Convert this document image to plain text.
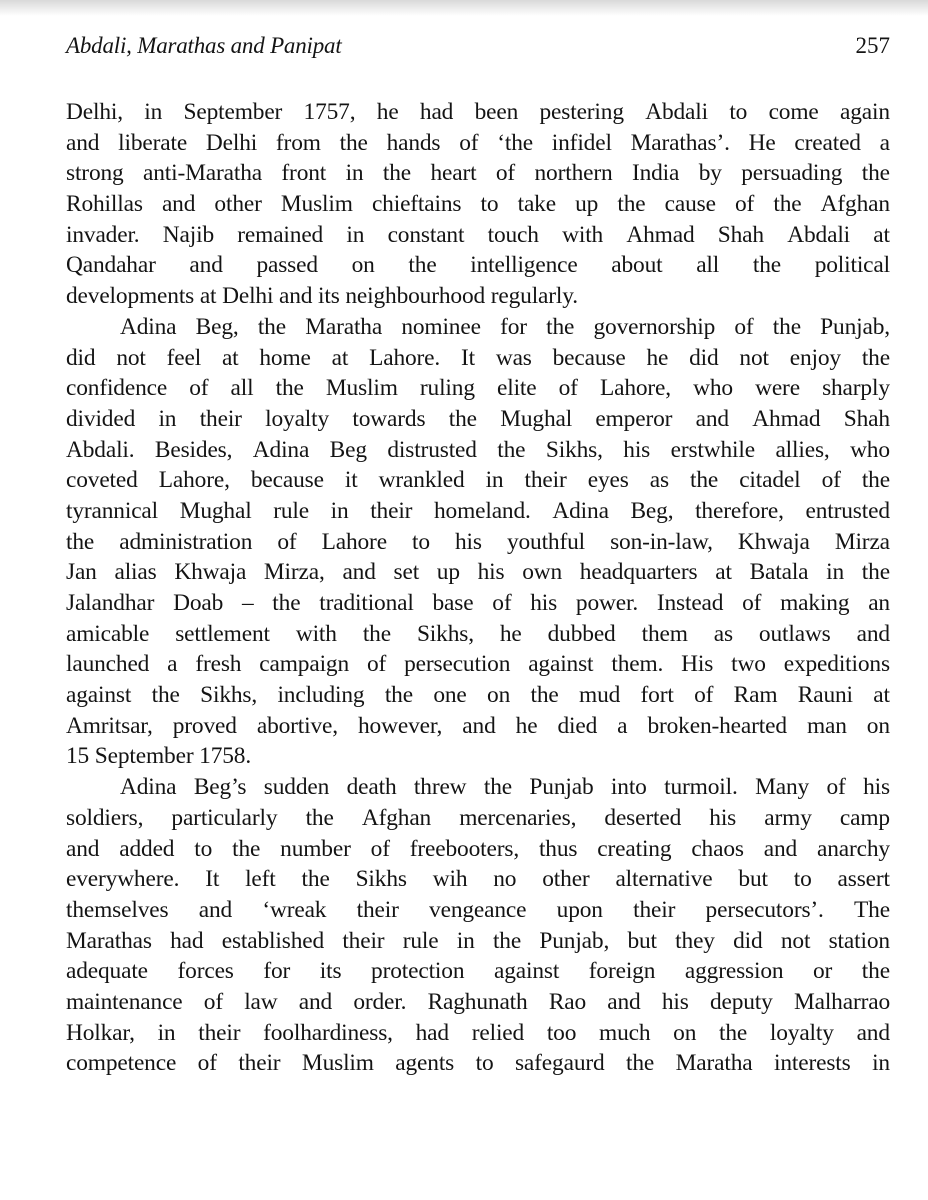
Abdali, Marathas and Panipat	257

Delhi, in September 1757, he had been pestering Abdali to come again
and liberate Delhi from the hands of ‘the infidel Marathas’. He created a
strong anti-Maratha front in the heart of northern India by persuading the
Rohillas and other Muslim chieftains to take up the cause of the Afghan
invader. Najib remained in constant touch with Ahmad Shah Abdali at
Qandahar and passed on the intelligence about all the political
developments at Delhi and its neighbourhood regularly.

Adina Beg, the Maratha nominee for the governorship of the Punjab,
did not feel at home at Lahore. It was because he did not enjoy the
confidence of all the Muslim ruling elite of Lahore, who were sharply
divided in their loyalty towards the Mughal emperor and Ahmad Shah
Abdali. Besides, Adina Beg distrusted the Sikhs, his erstwhile allies, who
coveted Lahore, because it wrankled in their eyes as the citadel of the
tyrannical Mughal rule in their homeland. Adina Beg, therefore, entrusted
the administration of Lahore to his youthful son-in-law, Khwaja Mirza
Jan alias Khwaja Mirza, and set up his own headquarters at Batala in the
Jalandhar Doab – the traditional base of his power. Instead of making an
amicable settlement with the Sikhs, he dubbed them as outlaws and
launched a fresh campaign of persecution against them. His two expeditions
against the Sikhs, including the one on the mud fort of Ram Rauni at
Amritsar, proved abortive, however, and he died a broken-hearted man on
15 September 1758.

Adina Beg’s sudden death threw the Punjab into turmoil. Many of his
soldiers, particularly the Afghan mercenaries, deserted his army camp
and added to the number of freebooters, thus creating chaos and anarchy
everywhere. It left the Sikhs wih no other alternative but to assert
themselves and ‘wreak their vengeance upon their persecutors’. The
Marathas had established their rule in the Punjab, but they did not station
adequate forces for its protection against foreign aggression or the
maintenance of law and order. Raghunath Rao and his deputy Malharrao
Holkar, in their foolhardiness, had relied too much on the loyalty and
competence of their Muslim agents to safegaurd the Maratha interests in
